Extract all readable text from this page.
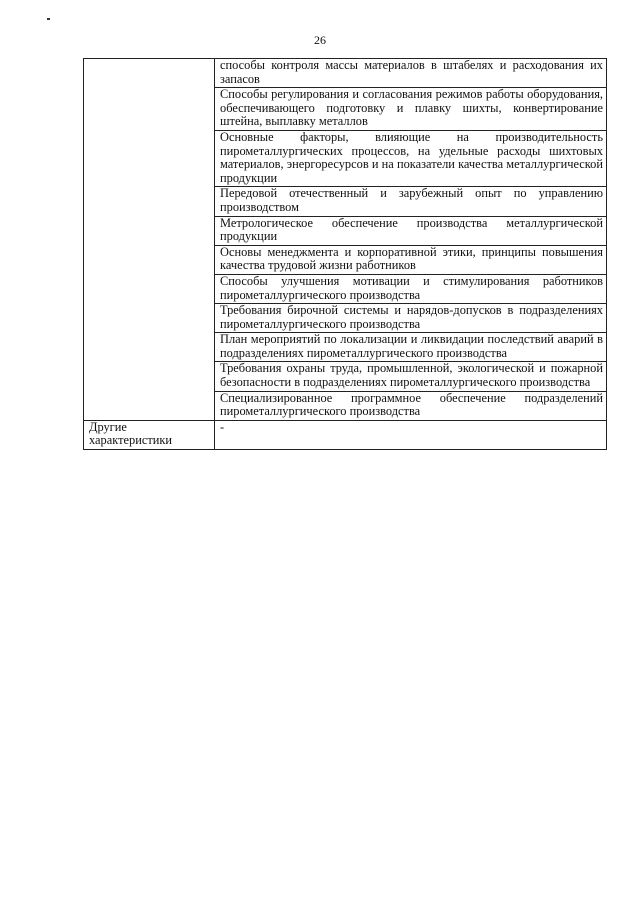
26
	способы контроля массы материалов в штабелях и расходования их запасов
	Способы регулирования и согласования режимов работы оборудования, обеспечивающего подготовку и плавку шихты, конвертирование штейна, выплавку металлов
	Основные факторы, влияющие на производительность пирометаллургических процессов, на удельные расходы шихтовых материалов, энергоресурсов и на показатели качества металлургической продукции
	Передовой отечественный и зарубежный опыт по управлению производством
	Метрологическое обеспечение производства металлургической продукции
	Основы менеджмента и корпоративной этики, принципы повышения качества трудовой жизни работников
	Способы улучшения мотивации и стимулирования работников пирометаллургического производства
	Требования бирочной системы и нарядов-допусков в подразделениях пирометаллургического производства
	План мероприятий по локализации и ликвидации последствий аварий в подразделениях пирометаллургического производства
	Требования охраны труда, промышленной, экологической и пожарной безопасности в подразделениях пирометаллургического производства
	Специализированное программное обеспечение подразделений пирометаллургического производства
Другие характеристики	-
